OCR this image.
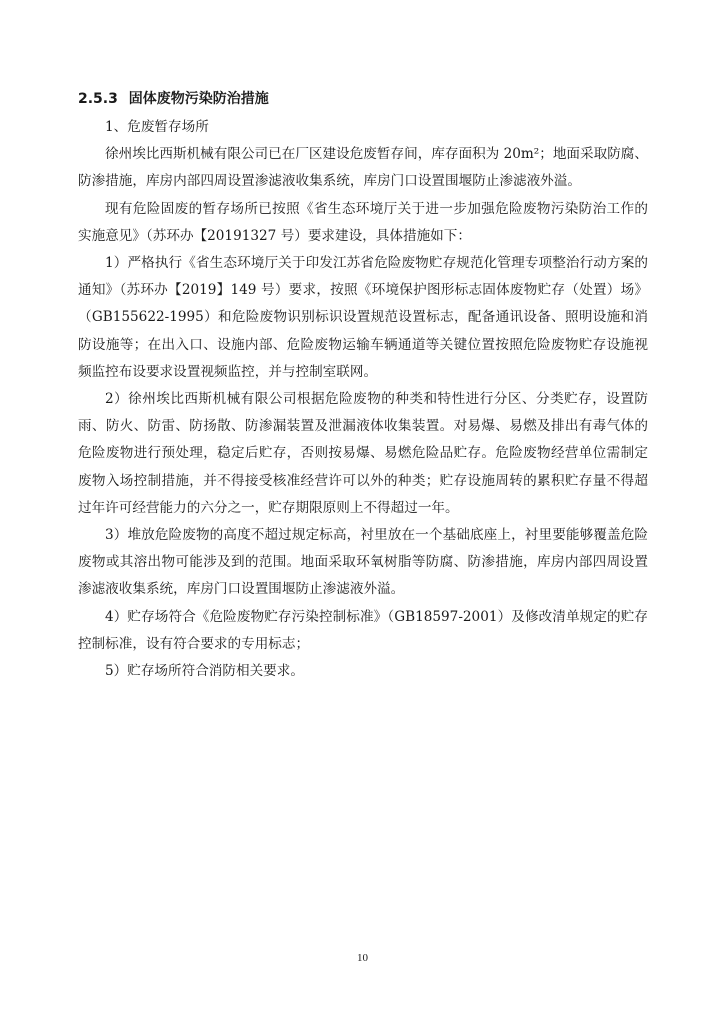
2.5.3 固体废物污染防治措施

1、危废暂存场所

徐州埃比西斯机械有限公司已在厂区建设危废暂存间，库存面积为 20m²；地面采取防腐、防渗措施，库房内部四周设置渗滤液收集系统，库房门口设置围堰防止渗滤液外溢。

现有危险固废的暂存场所已按照《省生态环境厅关于进一步加强危险废物污染防治工作的实施意见》（苏环办【20191327 号）要求建设，具体措施如下：

1）严格执行《省生态环境厅关于印发江苏省危险废物贮存规范化管理专项整治行动方案的通知》（苏环办【2019】149 号）要求，按照《环境保护图形标志固体废物贮存（处置）场》（GB155622-1995）和危险废物识别标识设置规范设置标志，配备通讯设备、照明设施和消防设施等；在出入口、设施内部、危险废物运输车辆通道等关键位置按照危险废物贮存设施视频监控布设要求设置视频监控，并与控制室联网。

2）徐州埃比西斯机械有限公司根据危险废物的种类和特性进行分区、分类贮存，设置防雨、防火、防雷、防扬散、防渗漏装置及泄漏液体收集装置。对易爆、易燃及排出有毒气体的危险废物进行预处理，稳定后贮存，否则按易爆、易燃危险品贮存。危险废物经营单位需制定废物入场控制措施，并不得接受核准经营许可以外的种类；贮存设施周转的累积贮存量不得超过年许可经营能力的六分之一，贮存期限原则上不得超过一年。

3）堆放危险废物的高度不超过规定标高，衬里放在一个基础底座上，衬里要能够覆盖危险废物或其溶出物可能涉及到的范围。地面采取环氧树脂等防腐、防渗措施，库房内部四周设置渗滤液收集系统，库房门口设置围堰防止渗滤液外溢。

4）贮存场符合《危险废物贮存污染控制标准》（GB18597-2001）及修改清单规定的贮存控制标准，设有符合要求的专用标志；

5）贮存场所符合消防相关要求。

10
